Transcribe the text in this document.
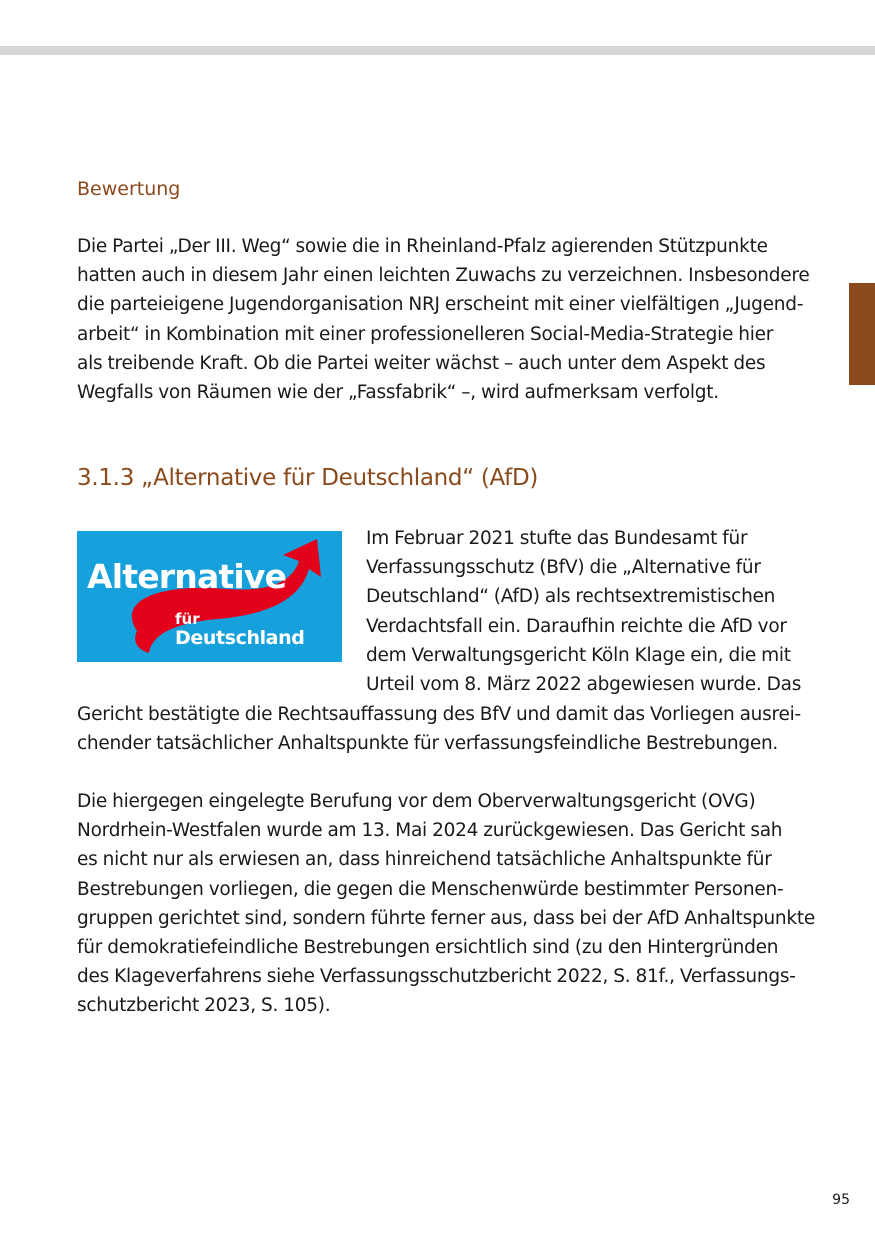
Bewertung

Die Partei „Der III. Weg“ sowie die in Rheinland-Pfalz agierenden Stützpunkte
hatten auch in diesem Jahr einen leichten Zuwachs zu verzeichnen. Insbesondere
die parteieigene Jugendorganisation NRJ erscheint mit einer vielfältigen „Jugend-
arbeit“ in Kombination mit einer professionelleren Social-Media-Strategie hier
als treibende Kraft. Ob die Partei weiter wächst – auch unter dem Aspekt des
Wegfalls von Räumen wie der „Fassfabrik“ –, wird aufmerksam verfolgt.

3.1.3 „Alternative für Deutschland“ (AfD)
Alternative
für
Deutschland

Im Februar 2021 stufte das Bundesamt für
Verfassungsschutz (BfV) die „Alternative für
Deutschland“ (AfD) als rechtsextremistischen
Verdachtsfall ein. Daraufhin reichte die AfD vor
dem Verwaltungsgericht Köln Klage ein, die mit
Urteil vom 8. März 2022 abgewiesen wurde. Das

Gericht bestätigte die Rechtsauffassung des BfV und damit das Vorliegen ausrei-
chender tatsächlicher Anhaltspunkte für verfassungsfeindliche Bestrebungen.

Die hiergegen eingelegte Berufung vor dem Oberverwaltungsgericht (OVG)
Nordrhein-Westfalen wurde am 13. Mai 2024 zurückgewiesen. Das Gericht sah
es nicht nur als erwiesen an, dass hinreichend tatsächliche Anhaltspunkte für
Bestrebungen vorliegen, die gegen die Menschenwürde bestimmter Personen-
gruppen gerichtet sind, sondern führte ferner aus, dass bei der AfD Anhaltspunkte
für demokratiefeindliche Bestrebungen ersichtlich sind (zu den Hintergründen
des Klageverfahrens siehe Verfassungsschutzbericht 2022, S. 81f., Verfassungs-
schutzbericht 2023, S. 105).

95
